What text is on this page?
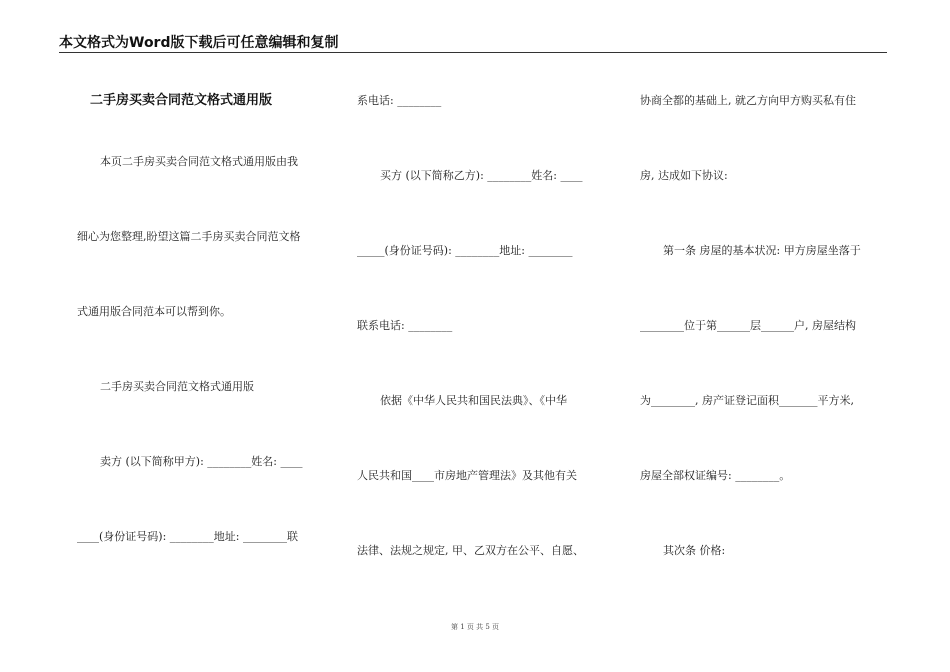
本文格式为Word版下载后可任意编辑和复制
二手房买卖合同范文格式通用版
本页二手房买卖合同范文格式通用版由我
细心为您整理,盼望这篇二手房买卖合同范文格
式通用版合同范本可以帮到你。
二手房买卖合同范文格式通用版
卖方 (以下简称甲方): ________姓名: ____
____(身份证号码): ________地址: ________联
系电话: ________
买方 (以下简称乙方): ________姓名: ____
_____(身份证号码): ________地址: ________
联系电话: ________
依据《中华人民共和国民法典》、《中华
人民共和国____市房地产管理法》及其他有关
法律、法规之规定, 甲、乙双方在公平、自愿、
协商全都的基础上, 就乙方向甲方购买私有住
房, 达成如下协议:
第一条 房屋的基本状况: 甲方房屋坐落于
________位于第______层______户, 房屋结构
为________, 房产证登记面积_______平方米,
房屋全部权证编号: ________。
其次条 价格:
第 1 页 共 5 页
